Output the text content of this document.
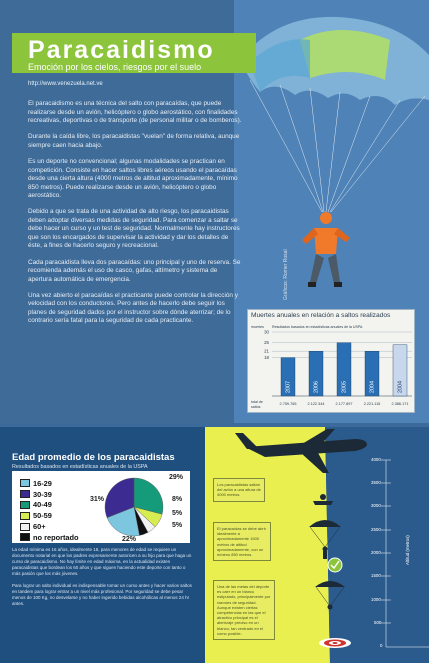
Paracaidismo
Emoción por los cielos, riesgos por el suelo
http://www.venezuela.net.ve

El paracaidismo es una técnica del salto con paracaídas, que puede realizarse desde un avión, helicóptero o globo aerostático, con finalidades recreativas, deportivas o de transporte (de personal militar o de bomberos).

Durante la caída libre, los paracaidistas "vuelan" de forma relativa, aunque siempre caen hacia abajo.

Es un deporte no convencional; algunas modalidades se practican en competición. Consiste en hacer saltos libres aéreos usando el paracaídas desde una cierta altura (4000 metros de altitud aproximadamente, mínimo 850 metros). Puede realizarse desde un avión, helicóptero o globo aerostático.

Debido a que se trata de una actividad de alto riesgo, los paracaidistas deben adoptar diversas medidas de seguridad. Para comenzar a saltar se debe hacer un curso y un test de seguridad. Normalmente hay instructores que son los encargados de supervisar la actividad y dar los detalles de éste, a fines de hacerlo seguro y recreacional.

Cada paracaidista lleva dos paracaídas: uno principal y uno de reserva. Se recomienda además el uso de casco, gafas, altímetro y sistema de apertura automática de emergencia.

Una vez abierto el paracaídas el practicante puede controlar la dirección y velocidad con los conductores. Pero antes de hacerlo debe seguir los planes de seguridad dados por el instructor sobre dónde aterrizar; de lo contrario sería fatal para la seguridad de cada practicante.

Gráficos: Romer Rosal
Muertes anuales en relación a saltos realizados
muertes Resultados basados en estadísticas anuales de la USPA
total de saltos
18
21
25
30
2007
2.759.765
2006
2.122.344
2005
2.177.897
2004
2.221.115
2004
2.386.171
Edad promedio de los paracaidistas
Resultados basados en estadísticas anuales de la USPA
16-29
30-39
40-49
50-59
60+
no reportado
29%
8%
5%
5%
22%
31%

La edad mínima es 16 años, idealmente 18, para menores de edad se requiere un documento notarial en que los padres expresamente autoricen a su hijo para que haga un curso de paracaidismo. No hay límite en edad máxima, en la actualidad existen paracaidistas que bordean los 60 años y que siguen haciendo este deporte con tanto o más pasión que los más jóvenes.

Para lograr un salto individual es indispensable tomar un curso antes y hacer varios saltos en tandem para lograr entrar a un nivel más profesional. Por seguridad se debe pesar menos de 100 Kg, no desvelarse y no haber ingerido bebidas alcohólicas al menos 24 hr antes.

Los paracaidistas saltan del avión a una altura de 4000 metros.
El paracaídas se debe abrir idealmente a aproximadamente 1500 metros de altitud aproximadamente, con un mínimo 850 metros.
Una de las metas del deporte es caer en un blanco estipulado, principalmente por razones de seguridad. Aunque existen ciertas competencias en las que el atractivo principal es el aterrizaje preciso en un blanco, tan centrado en el como posible.
4000
3500
3000
2500
2000
1500
1000
500
0
Altitud (metros)
